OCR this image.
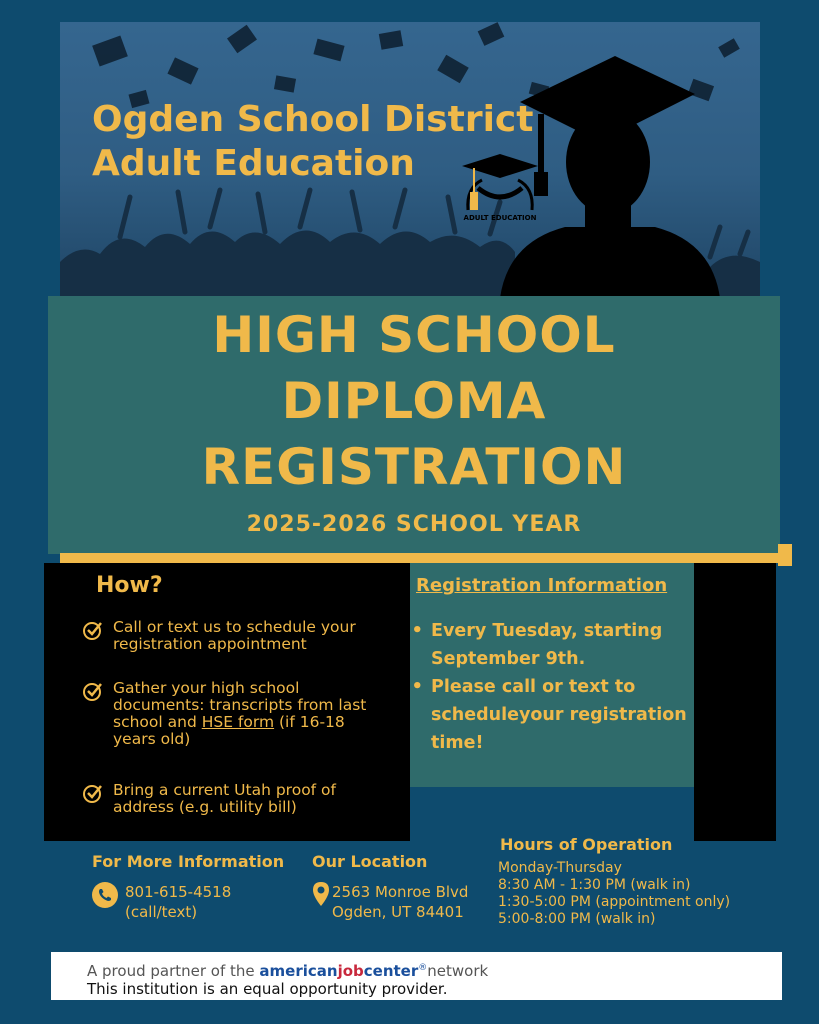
Ogden School District
Adult Education
ADULT EDUCATION
HIGH SCHOOL
DIPLOMA
REGISTRATION
2025-2026 SCHOOL YEAR
How?
Call or text us to schedule your registration appointment
Gather your high school documents: transcripts from last school and HSE form (if 16-18 years old)
Bring a current Utah proof of address (e.g. utility bill)
Registration Information
• Every Tuesday, starting September 9th.
• Please call or text to scheduleyour registration time!
For More Information
801-615-4518
(call/text)
Our Location
2563 Monroe Blvd
Ogden, UT 84401
Hours of Operation
Monday-Thursday
8:30 AM - 1:30 PM (walk in)
1:30-5:00 PM (appointment only)
5:00-8:00 PM (walk in)
A proud partner of the americanjobcenter®network
This institution is an equal opportunity provider.
